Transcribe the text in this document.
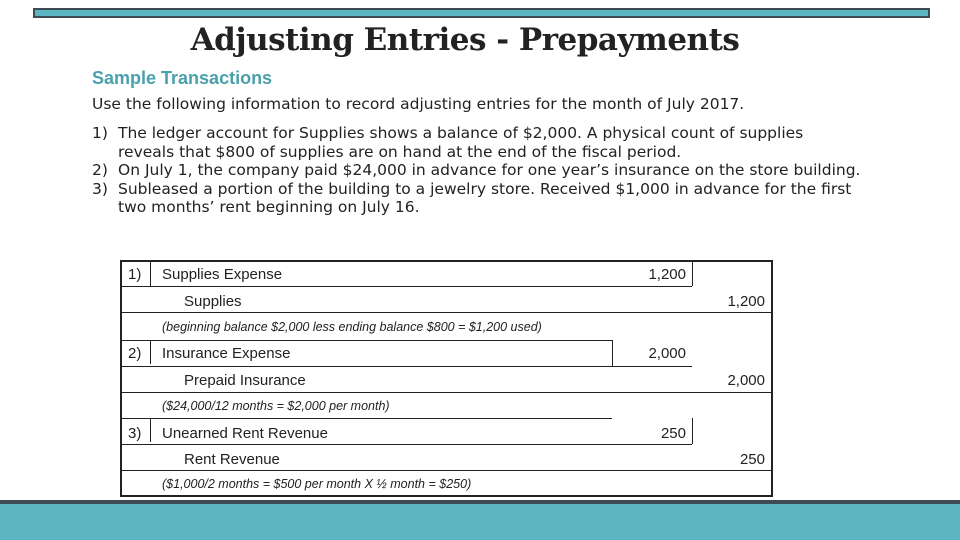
Adjusting Entries - Prepayments
Sample Transactions
Use the following information to record adjusting entries for the month of July 2017.
1) The ledger account for Supplies shows a balance of $2,000. A physical count of supplies reveals that $800 of supplies are on hand at the end of the fiscal period.
2) On July 1, the company paid $24,000 in advance for one year’s insurance on the store building.
3) Subleased a portion of the building to a jewelry store. Received $1,000 in advance for the first two months’ rent beginning on July 16.
1) Supplies Expense	1,200
Supplies	1,200
(beginning balance $2,000 less ending balance $800 = $1,200 used)
2) Insurance Expense	2,000
Prepaid Insurance	2,000
($24,000/12 months = $2,000 per month)
3) Unearned Rent Revenue	250
Rent Revenue	250
($1,000/2 months = $500 per month X ½ month = $250)
